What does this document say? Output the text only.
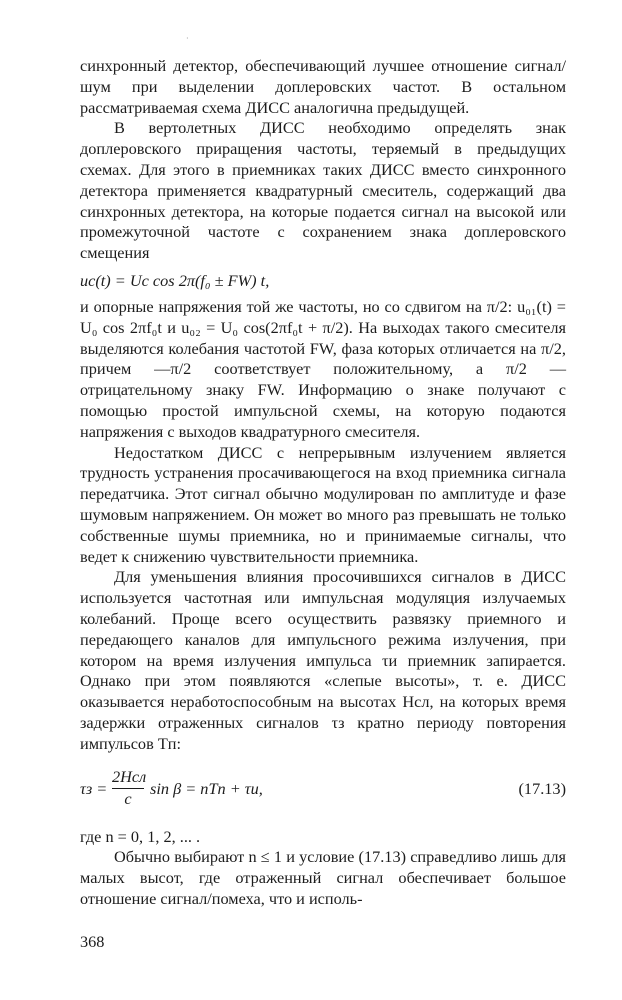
·

синхронный детектор, обеспечивающий лучшее отношение сигнал/шум при выделении доплеровских частот. В остальном рассматриваемая схема ДИСС аналогична предыдущей.

В вертолетных ДИСС необходимо определять знак доплеровского приращения частоты, теряемый в предыдущих схемах. Для этого в приемниках таких ДИСС вместо синхронного детектора применяется квадратурный смеситель, содержащий два синхронных детектора, на которые подается сигнал на высокой или промежуточной частоте с сохранением знака доплеровского смещения

uс(t) = Uс cos 2π(f₀ ± FW) t,

и опорные напряжения той же частоты, но со сдвигом на π/2: u₀₁(t) = U₀ cos 2πf₀t и u₀₂ = U₀ cos(2πf₀t + π/2). На выходах такого смесителя выделяются колебания частотой FW, фаза которых отличается на π/2, причем —π/2 соответствует положительному, а π/2 — отрицательному знаку FW. Информацию о знаке получают с помощью простой импульсной схемы, на которую подаются напряжения с выходов квадратурного смесителя.

Недостатком ДИСС с непрерывным излучением является трудность устранения просачивающегося на вход приемника сигнала передатчика. Этот сигнал обычно модулирован по амплитуде и фазе шумовым напряжением. Он может во много раз превышать не только собственные шумы приемника, но и принимаемые сигналы, что ведет к снижению чувствительности приемника.

Для уменьшения влияния просочившихся сигналов в ДИСС используется частотная или импульсная модуляция излучаемых колебаний. Проще всего осуществить развязку приемного и передающего каналов для импульсного режима излучения, при котором на время излучения импульса τи приемник запирается. Однако при этом появляются «слепые высоты», т. е. ДИСС оказывается неработоспособным на высотах Hсл, на которых время задержки отраженных сигналов τз кратно периоду повторения импульсов Tп:

τз =
2Hсл
c
sin β = nTп + τи,	(17.13)

где n = 0, 1, 2, ... .

Обычно выбирают n ≤ 1 и условие (17.13) справедливо лишь для малых высот, где отраженный сигнал обеспечивает большое отношение сигнал/помеха, что и исполь-

368
